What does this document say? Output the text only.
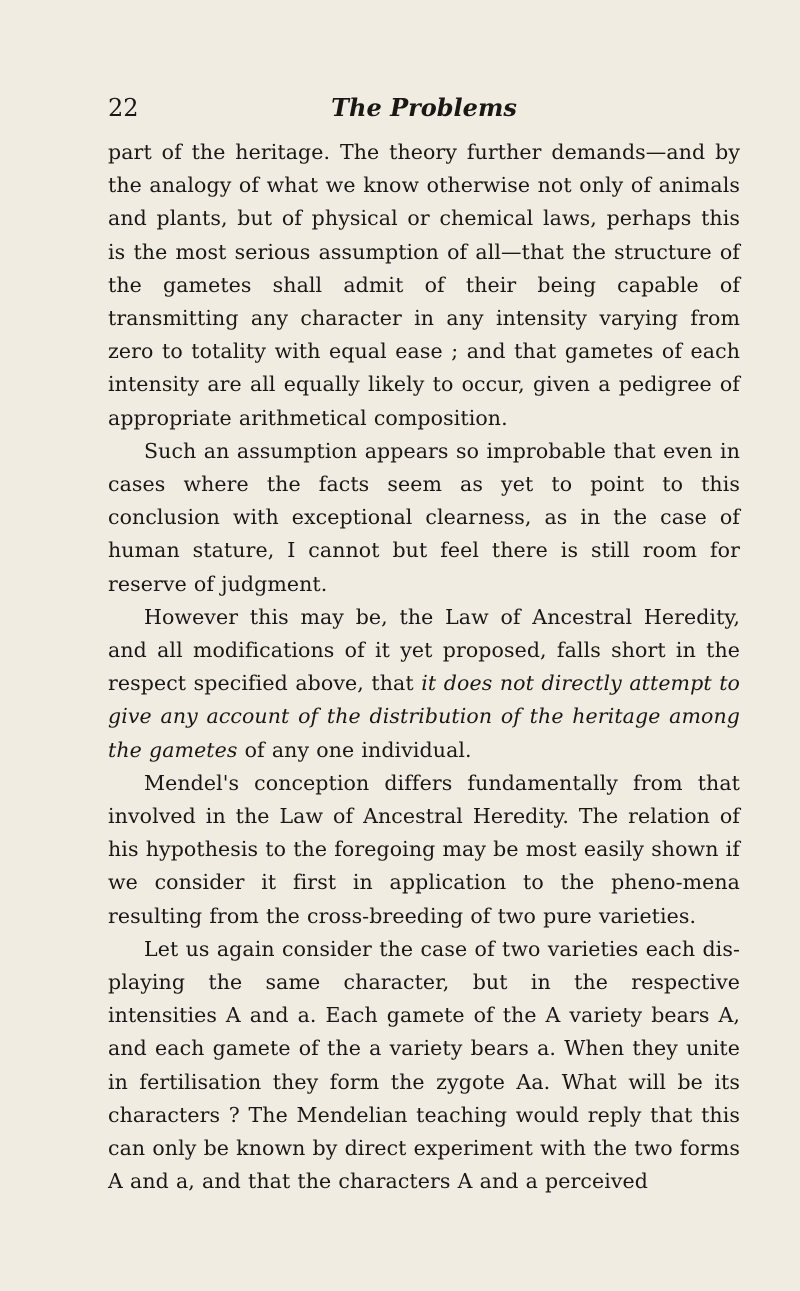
22	The Problems

part of the heritage. The theory further demands—and by the analogy of what we know otherwise not only of animals and plants, but of physical or chemical laws, perhaps this is the most serious assumption of all—that the structure of the gametes shall admit of their being capable of transmitting any character in any intensity varying from zero to totality with equal ease ; and that gametes of each intensity are all equally likely to occur, given a pedigree of appropriate arithmetical composition.

Such an assumption appears so improbable that even in cases where the facts seem as yet to point to this conclusion with exceptional clearness, as in the case of human stature, I cannot but feel there is still room for reserve of judgment.

However this may be, the Law of Ancestral Heredity, and all modifications of it yet proposed, falls short in the respect specified above, that it does not directly attempt to give any account of the distribution of the heritage among the gametes of any one individual.

Mendel's conception differs fundamentally from that involved in the Law of Ancestral Heredity. The relation of his hypothesis to the foregoing may be most easily shown if we consider it first in application to the pheno-mena resulting from the cross-breeding of two pure varieties.

Let us again consider the case of two varieties each dis-playing the same character, but in the respective intensities A and a. Each gamete of the A variety bears A, and each gamete of the a variety bears a. When they unite in fertilisation they form the zygote Aa. What will be its characters ? The Mendelian teaching would reply that this can only be known by direct experiment with the two forms A and a, and that the characters A and a perceived
